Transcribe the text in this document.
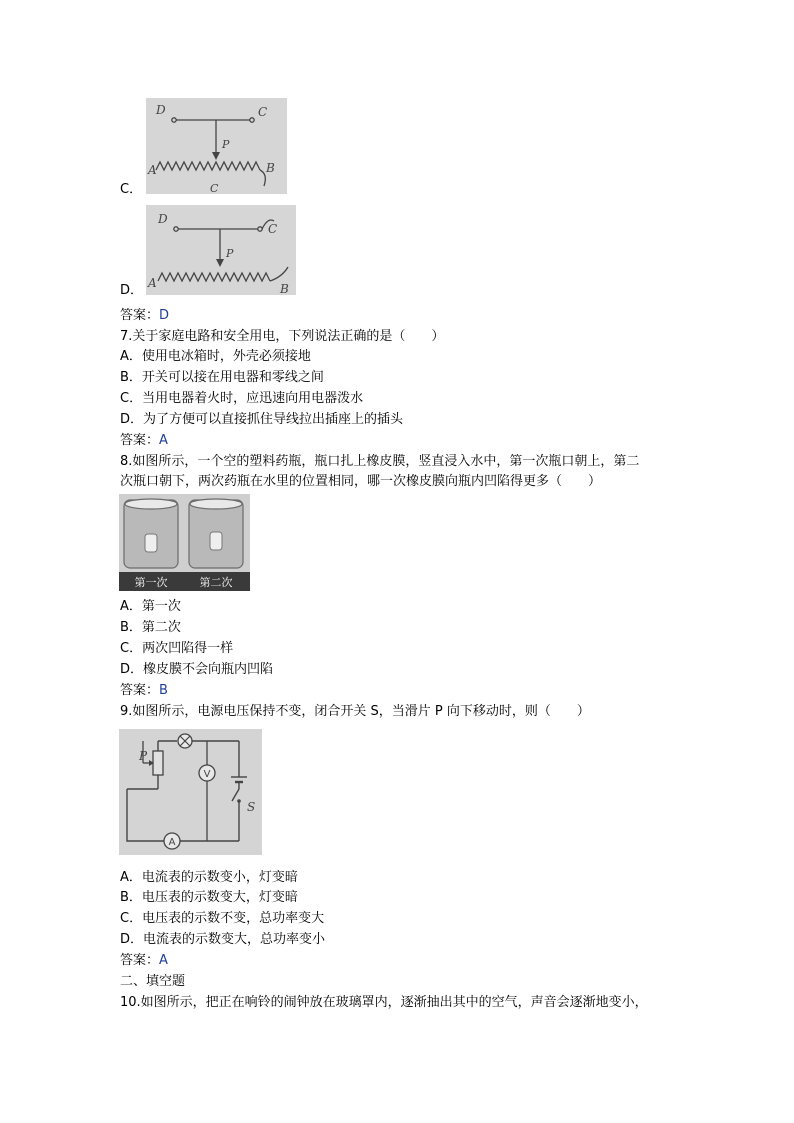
C．
D	C
P
A	B
C
D．
D
C
P
A	B
答案：D
7.关于家庭电路和安全用电，下列说法正确的是（　　）
A．使用电冰箱时，外壳必须接地
B．开关可以接在用电器和零线之间
C．当用电器着火时，应迅速向用电器泼水
D．为了方便可以直接抓住导线拉出插座上的插头
答案：A
8.如图所示，一个空的塑料药瓶，瓶口扎上橡皮膜，竖直浸入水中，第一次瓶口朝上，第二
次瓶口朝下，两次药瓶在水里的位置相同，哪一次橡皮膜向瓶内凹陷得更多（　　）
第一次	第二次
A．第一次
B．第二次
C．两次凹陷得一样
D．橡皮膜不会向瓶内凹陷
答案：B
9.如图所示，电源电压保持不变，闭合开关 S，当滑片 P 向下移动时，则（　　）
P
V
S
A
A．电流表的示数变小，灯变暗
B．电压表的示数变大，灯变暗
C．电压表的示数不变，总功率变大
D．电流表的示数变大，总功率变小
答案：A
二、填空题
10.如图所示，把正在响铃的闹钟放在玻璃罩内，逐渐抽出其中的空气，声音会逐渐地变小，
